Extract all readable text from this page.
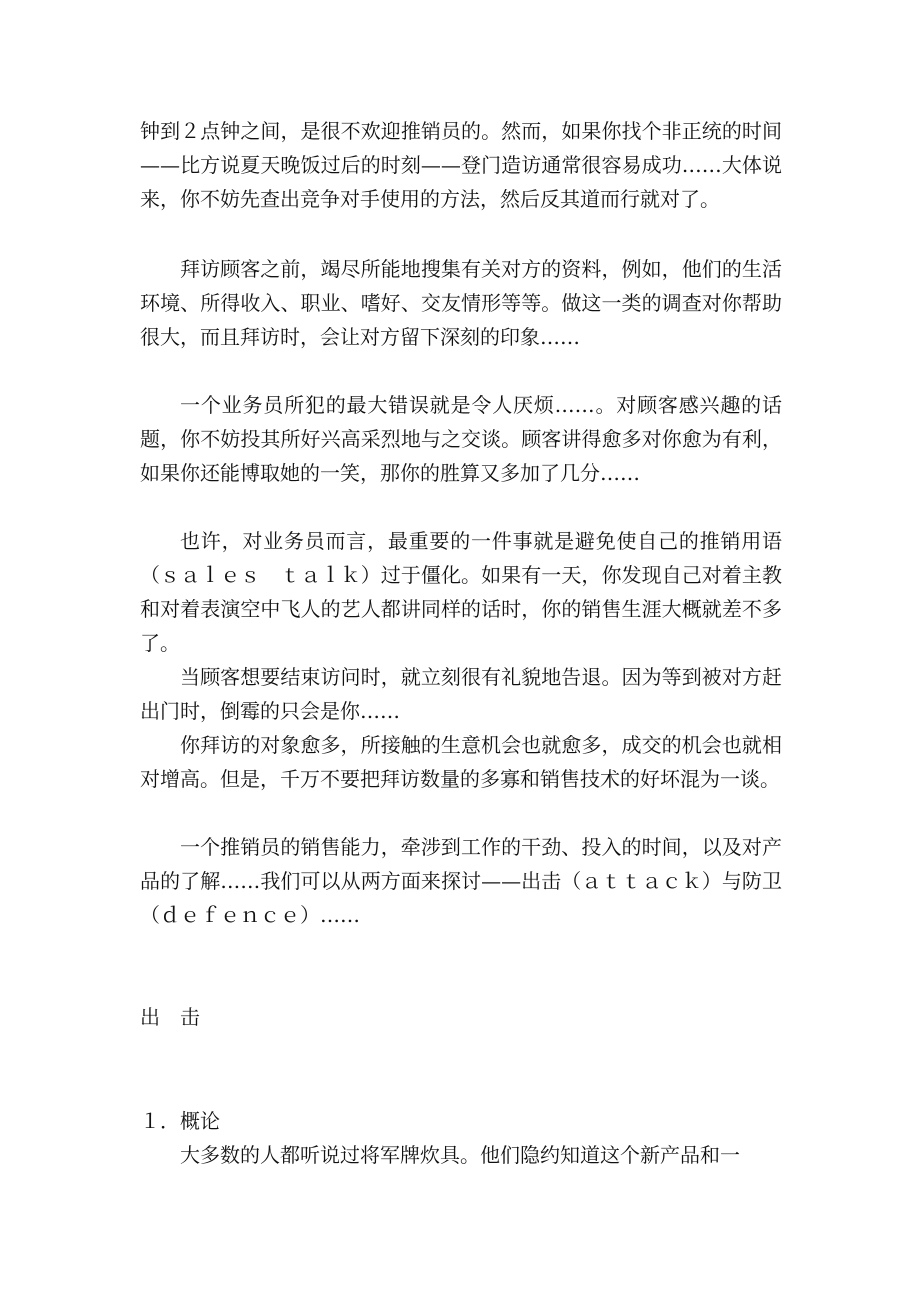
钟到２点钟之间，是很不欢迎推销员的。然而，如果你找个非正统的时间——比方说夏天晚饭过后的时刻——登门造访通常很容易成功……大体说来，你不妨先查出竞争对手使用的方法，然后反其道而行就对了。

拜访顾客之前，竭尽所能地搜集有关对方的资料，例如，他们的生活环境、所得收入、职业、嗜好、交友情形等等。做这一类的调查对你帮助很大，而且拜访时，会让对方留下深刻的印象……

一个业务员所犯的最大错误就是令人厌烦……。对顾客感兴趣的话题，你不妨投其所好兴高采烈地与之交谈。顾客讲得愈多对你愈为有利，如果你还能博取她的一笑，那你的胜算又多加了几分……

也许，对业务员而言，最重要的一件事就是避免使自己的推销用语（ｓａｌｅｓ　ｔａｌｋ）过于僵化。如果有一天，你发现自己对着主教和对着表演空中飞人的艺人都讲同样的话时，你的销售生涯大概就差不多了。

当顾客想要结束访问时，就立刻很有礼貌地告退。因为等到被对方赶出门时，倒霉的只会是你……

你拜访的对象愈多，所接触的生意机会也就愈多，成交的机会也就相对增高。但是，千万不要把拜访数量的多寡和销售技术的好坏混为一谈。

一个推销员的销售能力，牵涉到工作的干劲、投入的时间，以及对产品的了解……我们可以从两方面来探讨——出击（ａｔｔａｃｋ）与防卫（ｄｅｆｅｎｃｅ）……

出　击
１．概论

大多数的人都听说过将军牌炊具。他们隐约知道这个新产品和一
